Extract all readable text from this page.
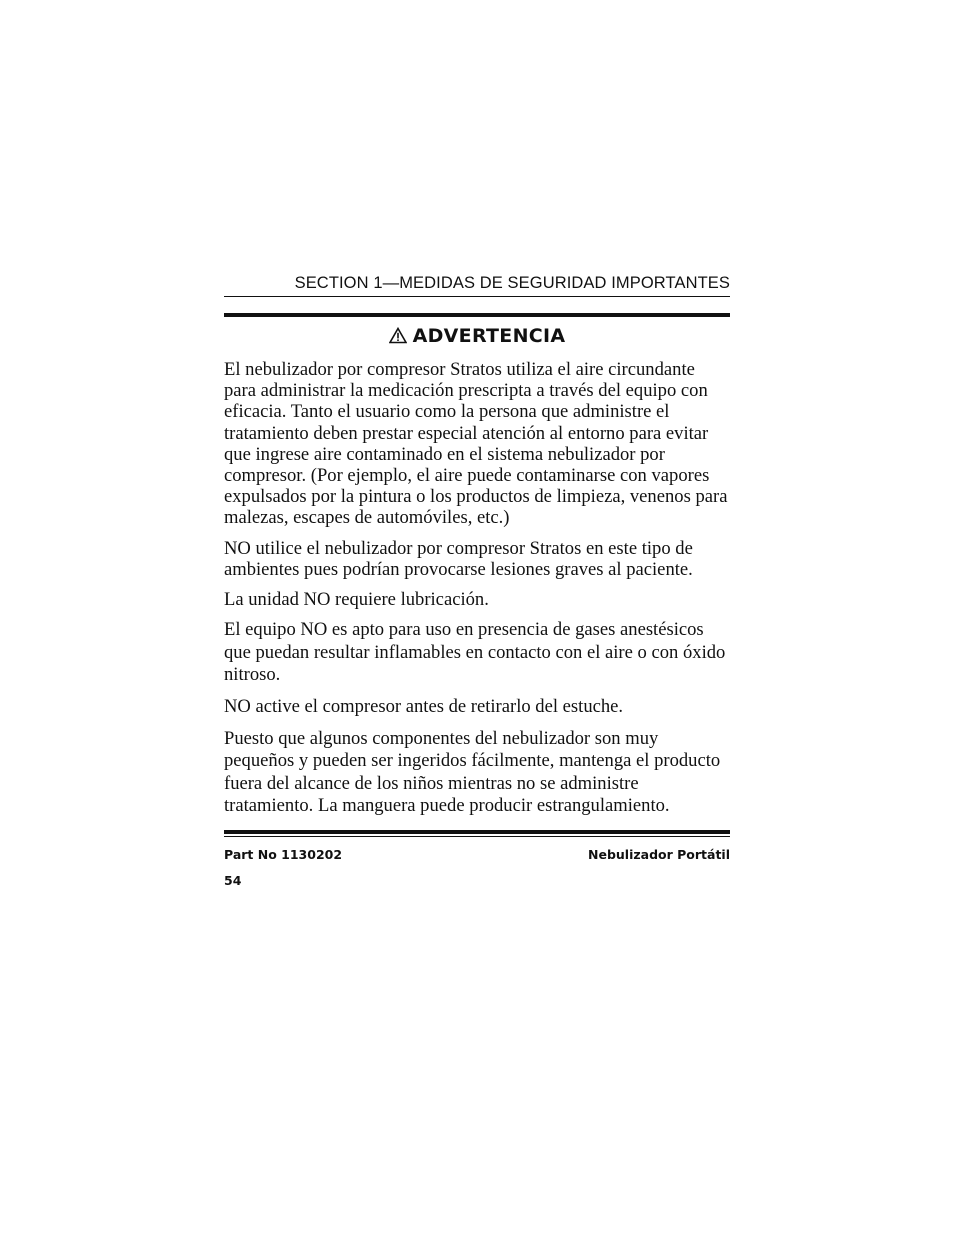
SECTION 1—MEDIDAS DE SEGURIDAD IMPORTANTES
ADVERTENCIA

El nebulizador por compresor Stratos utiliza el aire circundante para administrar la medicación prescripta a través del equipo con eficacia. Tanto el usuario como la persona que administre el tratamiento deben prestar especial atención al entorno para evitar que ingrese aire contaminado en el sistema nebulizador por compresor. (Por ejemplo, el aire puede contaminarse con vapores expulsados por la pintura o los productos de limpieza, venenos para malezas, escapes de automóviles, etc.)

NO utilice el nebulizador por compresor Stratos en este tipo de ambientes pues podrían provocarse lesiones graves al paciente.

La unidad NO requiere lubricación.

El equipo NO es apto para uso en presencia de gases anestésicos que puedan resultar inflamables en contacto con el aire o con óxido nitroso.

NO active el compresor antes de retirarlo del estuche.

Puesto que algunos componentes del nebulizador son muy pequeños y pueden ser ingeridos fácilmente, mantenga el producto fuera del alcance de los niños mientras no se administre tratamiento. La manguera puede producir estrangulamiento.

Part No 1130202	Nebulizador Portátil
54
